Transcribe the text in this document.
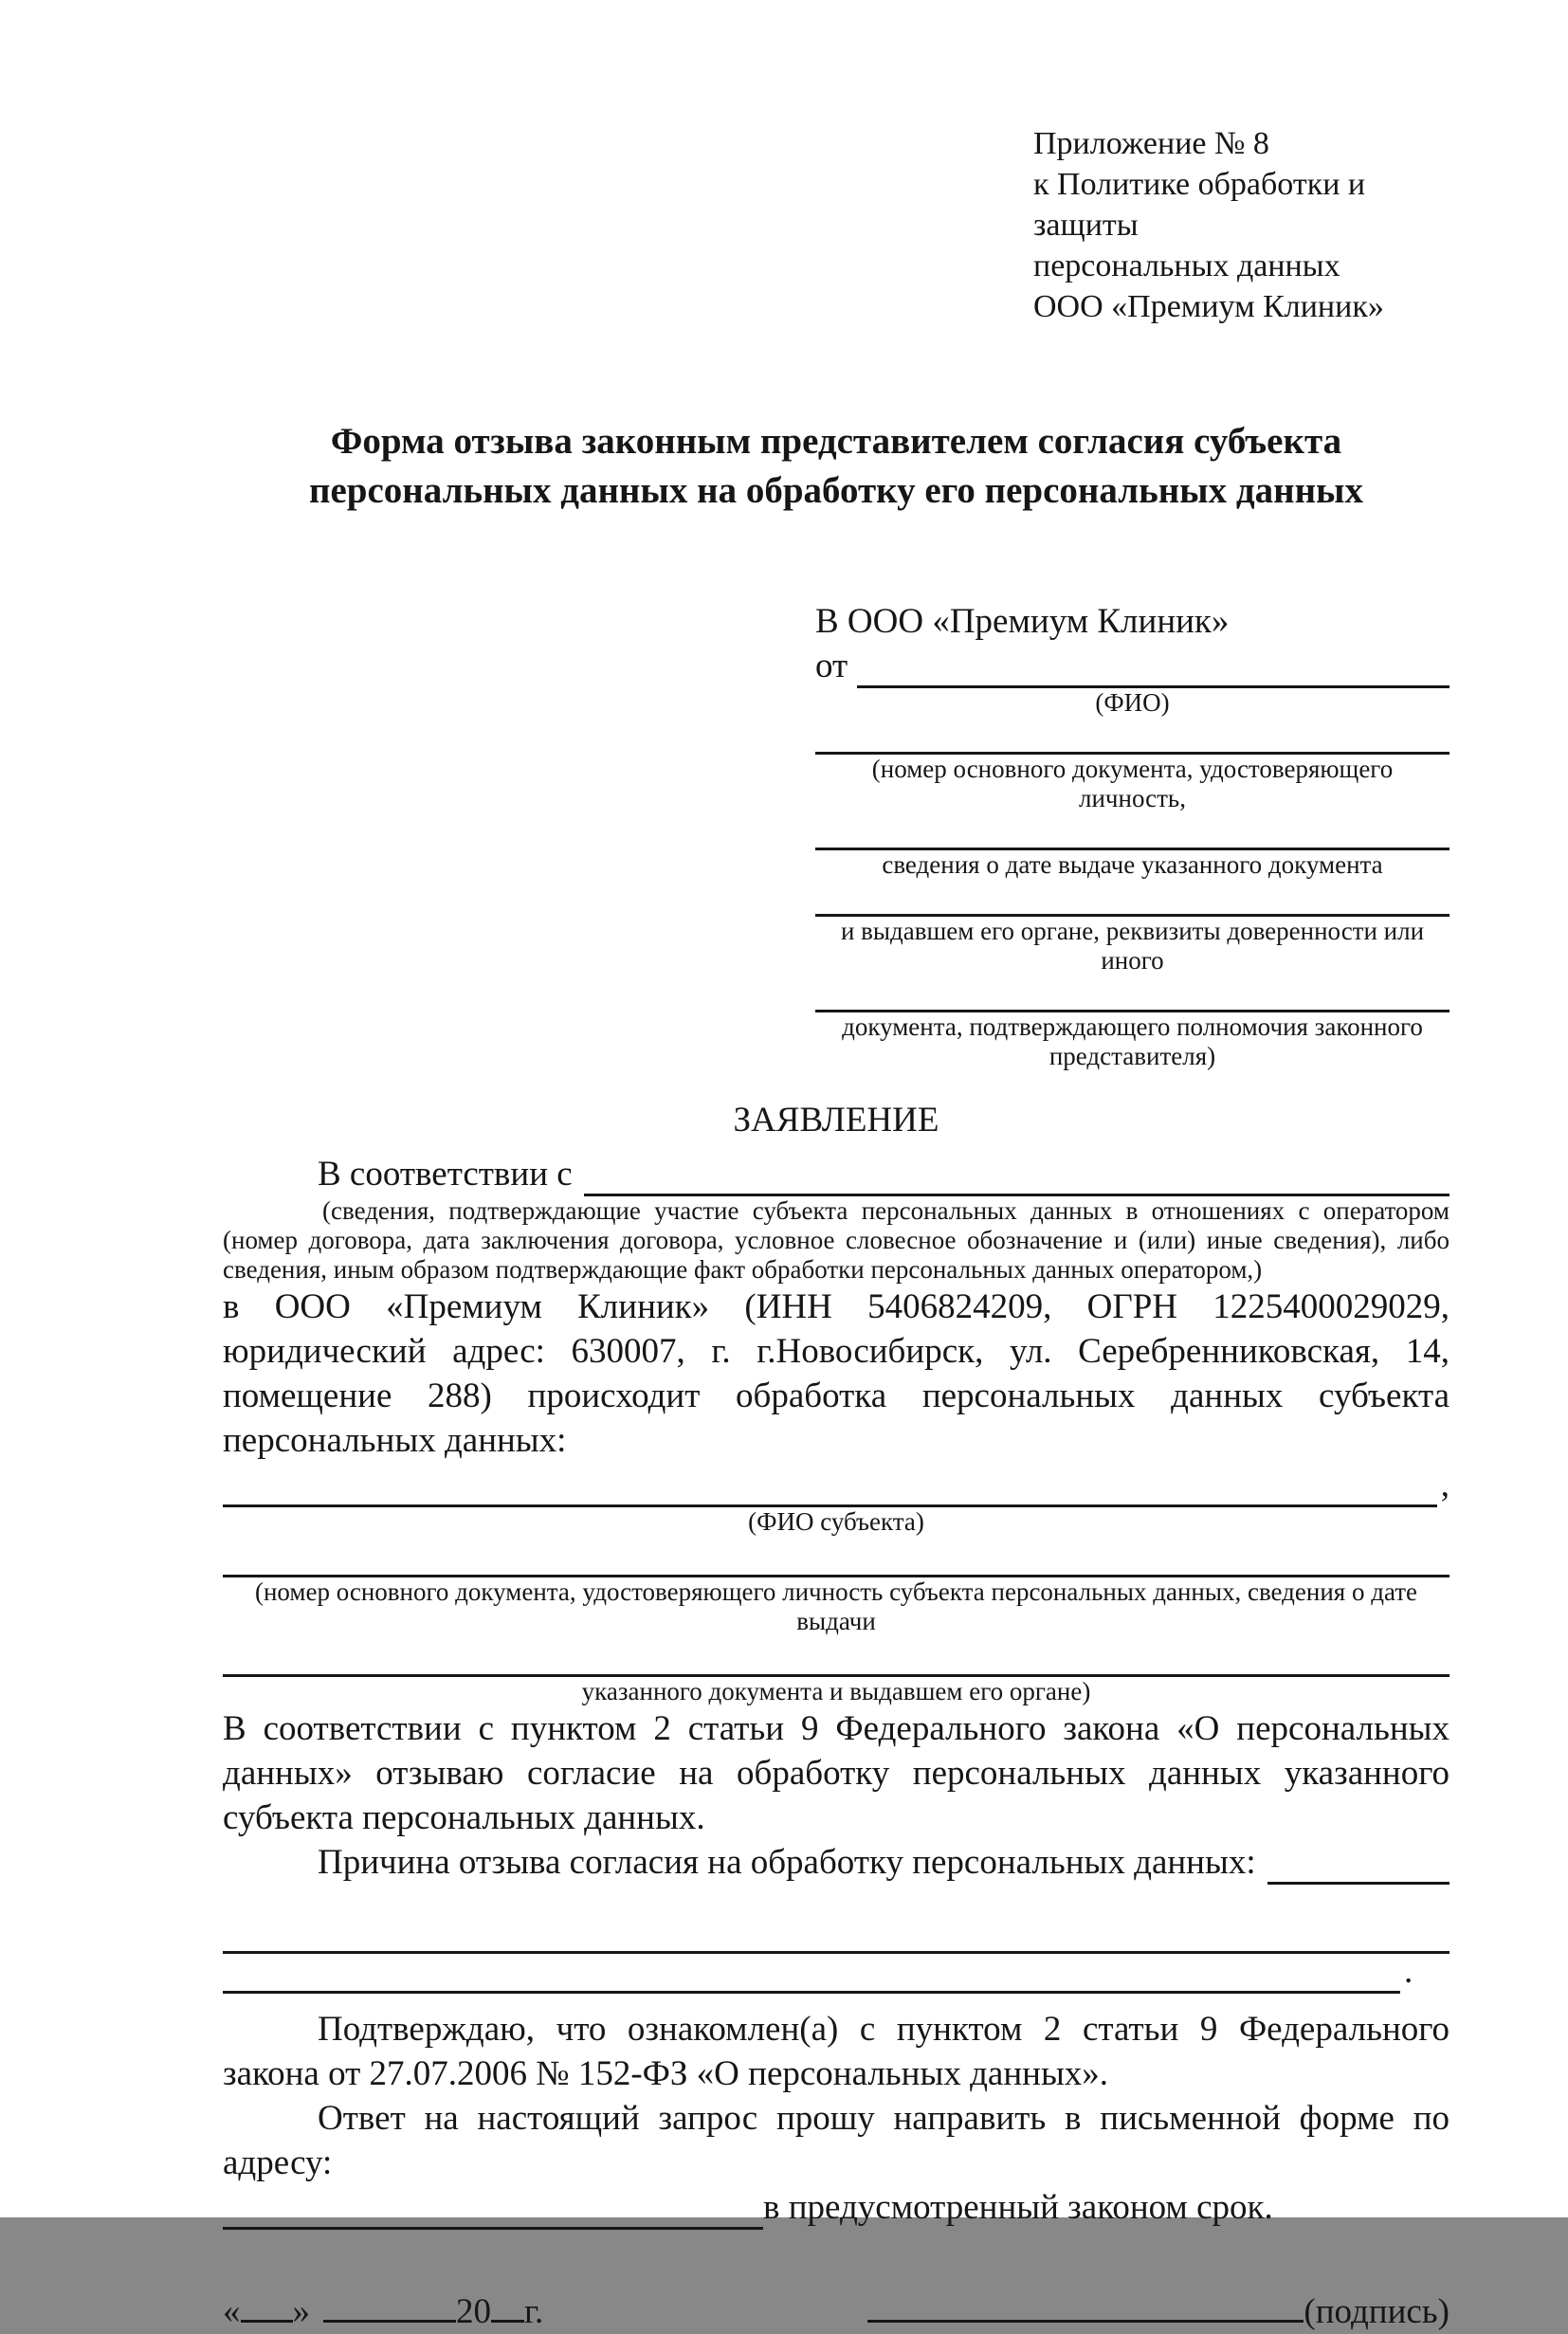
Приложение № 8
к Политике обработки и защиты
персональных данных
ООО «Премиум Клиник»
Форма отзыва законным представителем согласия субъекта персональных данных на обработку его персональных данных
В ООО «Премиум Клиник»
от
(ФИО)
(номер основного документа, удостоверяющего личность,
сведения о дате выдаче указанного документа
и выдавшем его органе, реквизиты доверенности или иного
документа, подтверждающего полномочия законного представителя)
ЗАЯВЛЕНИЕ
В соответствии с
(сведения, подтверждающие участие субъекта персональных данных в отношениях с оператором (номер договора, дата заключения договора, условное словесное обозначение и (или) иные сведения), либо сведения, иным образом подтверждающие факт обработки персональных данных оператором,)
в ООО «Премиум Клиник» (ИНН 5406824209, ОГРН 1225400029029, юридический адрес: 630007, г. г.Новосибирск, ул. Серебренниковская, 14, помещение 288) происходит обработка персональных данных субъекта персональных данных:
,
(ФИО субъекта)
(номер основного документа, удостоверяющего личность субъекта персональных данных, сведения о дате выдачи
указанного документа и выдавшем его органе)
В соответствии с пунктом 2 статьи 9 Федерального закона «О персональных данных» отзываю согласие на обработку персональных данных указанного субъекта персональных данных.
Причина отзыва согласия на обработку персональных данных:
.
Подтверждаю, что ознакомлен(а) с пунктом 2 статьи 9 Федерального закона от 27.07.2006 № 152-ФЗ «О персональных данных».
Ответ на настоящий запрос прошу направить в письменной форме по адресу:
в предусмотренный законом срок.
« »	20 г.	(подпись)
